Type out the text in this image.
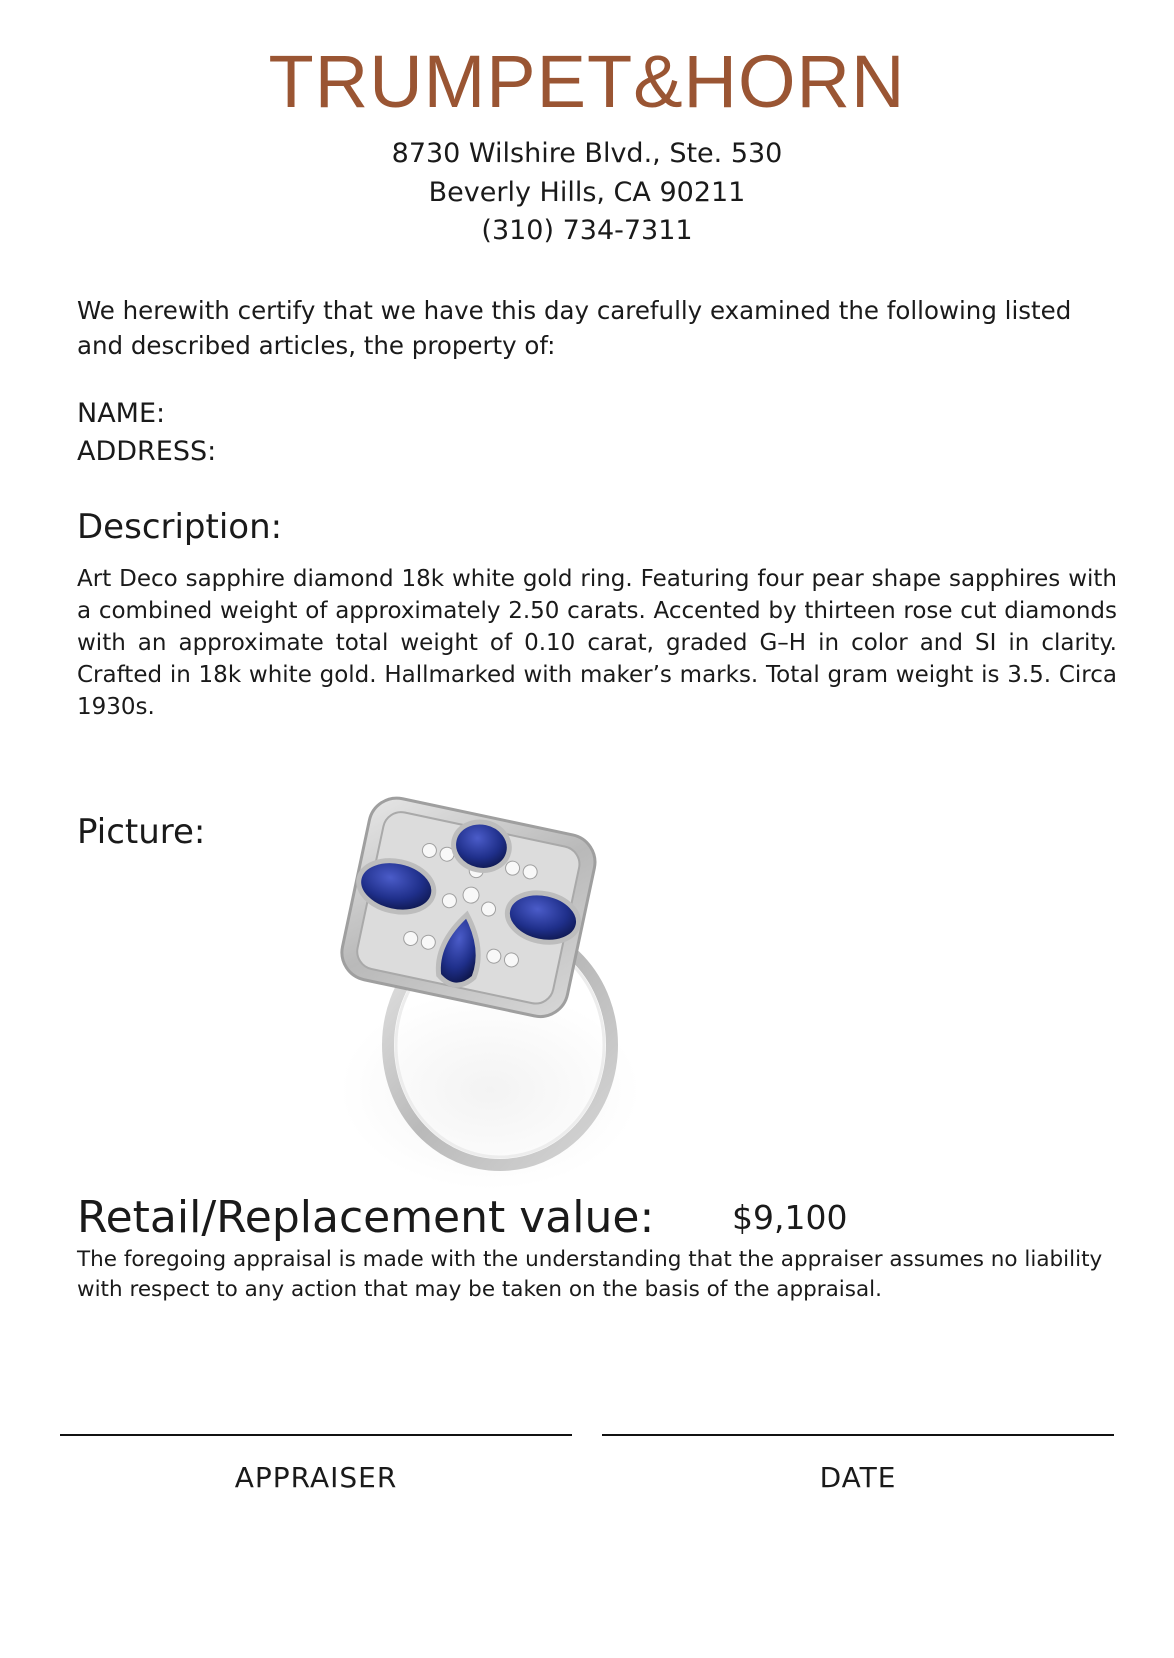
TRUMPET&HORN
8730 Wilshire Blvd., Ste. 530
Beverly Hills, CA 90211
(310) 734-7311
We herewith certify that we have this day carefully examined the following listed and described articles, the property of:
NAME:
ADDRESS:
Description:
Art Deco sapphire diamond 18k white gold ring. Featuring four pear shape sapphires with a combined weight of approximately 2.50 carats. Accented by thirteen rose cut diamonds with an approximate total weight of 0.10 carat, graded G–H in color and SI in clarity. Crafted in 18k white gold. Hallmarked with maker’s marks. Total gram weight is 3.5. Circa 1930s.
Picture:
Retail/Replacement value: $9,100
The foregoing appraisal is made with the understanding that the appraiser assumes no liability with respect to any action that may be taken on the basis of the appraisal.
APPRAISER	DATE
